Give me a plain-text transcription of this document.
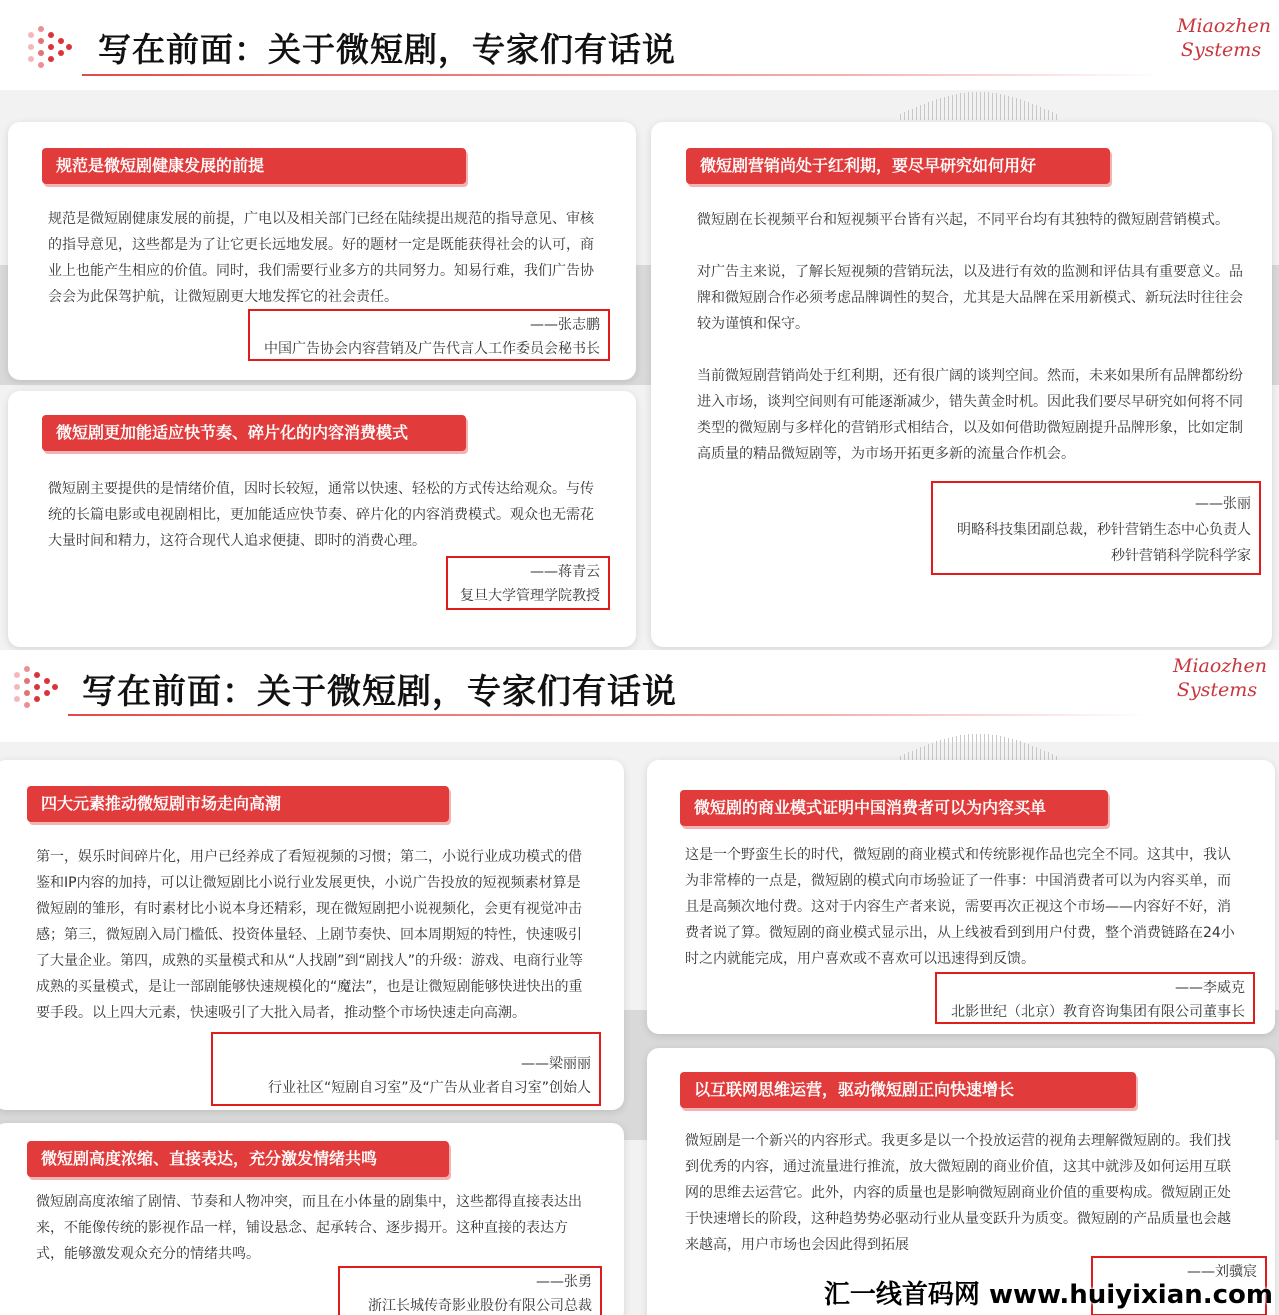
写在前面：关于微短剧，专家们有话说
Miaozhen
Systems
规范是微短剧健康发展的前提

规范是微短剧健康发展的前提，广电以及相关部门已经在陆续提出规范的指导意见、审核的指导意见，这些都是为了让它更长远地发展。好的题材一定是既能获得社会的认可，商业上也能产生相应的价值。同时，我们需要行业多方的共同努力。知易行难，我们广告协会会为此保驾护航，让微短剧更大地发挥它的社会责任。

——张志鹏
中国广告协会内容营销及广告代言人工作委员会秘书长
微短剧更加能适应快节奏、碎片化的内容消费模式

微短剧主要提供的是情绪价值，因时长较短，通常以快速、轻松的方式传达给观众。与传统的长篇电影或电视剧相比，更加能适应快节奏、碎片化的内容消费模式。观众也无需花大量时间和精力，这符合现代人追求便捷、即时的消费心理。

——蒋青云
复旦大学管理学院教授
微短剧营销尚处于红利期，要尽早研究如何用好

微短剧在长视频平台和短视频平台皆有兴起，不同平台均有其独特的微短剧营销模式。

对广告主来说，了解长短视频的营销玩法，以及进行有效的监测和评估具有重要意义。品牌和微短剧合作必须考虑品牌调性的契合，尤其是大品牌在采用新模式、新玩法时往往会较为谨慎和保守。

当前微短剧营销尚处于红利期，还有很广阔的谈判空间。然而，未来如果所有品牌都纷纷进入市场，谈判空间则有可能逐渐减少，错失黄金时机。因此我们要尽早研究如何将不同类型的微短剧与多样化的营销形式相结合，以及如何借助微短剧提升品牌形象，比如定制高质量的精品微短剧等，为市场开拓更多新的流量合作机会。

——张丽
明略科技集团副总裁，秒针营销生态中心负责人
秒针营销科学院科学家
写在前面：关于微短剧，专家们有话说
Miaozhen
Systems
四大元素推动微短剧市场走向高潮

第一，娱乐时间碎片化，用户已经养成了看短视频的习惯；第二，小说行业成功模式的借鉴和IP内容的加持，可以让微短剧比小说行业发展更快，小说广告投放的短视频素材算是微短剧的雏形，有时素材比小说本身还精彩，现在微短剧把小说视频化，会更有视觉冲击感；第三，微短剧入局门槛低、投资体量轻、上剧节奏快、回本周期短的特性，快速吸引了大量企业。第四，成熟的买量模式和从“人找剧”到“剧找人”的升级：游戏、电商行业等成熟的买量模式，是让一部剧能够快速规模化的“魔法”，也是让微短剧能够快进快出的重要手段。以上四大元素，快速吸引了大批入局者，推动整个市场快速走向高潮。

——梁丽丽
行业社区“短剧自习室”及“广告从业者自习室”创始人
微短剧高度浓缩、直接表达，充分激发情绪共鸣

微短剧高度浓缩了剧情、节奏和人物冲突，而且在小体量的剧集中，这些都得直接表达出来，不能像传统的影视作品一样，铺设悬念、起承转合、逐步揭开。这种直接的表达方式，能够激发观众充分的情绪共鸣。

——张勇
浙江长城传奇影业股份有限公司总裁
微短剧的商业模式证明中国消费者可以为内容买单

这是一个野蛮生长的时代，微短剧的商业模式和传统影视作品也完全不同。这其中，我认为非常棒的一点是，微短剧的模式向市场验证了一件事：中国消费者可以为内容买单，而且是高频次地付费。这对于内容生产者来说，需要再次正视这个市场——内容好不好，消费者说了算。微短剧的商业模式显示出，从上线被看到到用户付费，整个消费链路在24小时之内就能完成，用户喜欢或不喜欢可以迅速得到反馈。

——李威克
北影世纪（北京）教育咨询集团有限公司董事长
以互联网思维运营，驱动微短剧正向快速增长

微短剧是一个新兴的内容形式。我更多是以一个投放运营的视角去理解微短剧的。我们找到优秀的内容，通过流量进行推流，放大微短剧的商业价值，这其中就涉及如何运用互联网的思维去运营它。此外，内容的质量也是影响微短剧商业价值的重要构成。微短剧正处于快速增长的阶段，这种趋势势必驱动行业从量变跃升为质变。微短剧的产品质量也会越来越高，用户市场也会因此得到拓展

——刘骥宸
汇一线首码网 www.huiyixian.com
